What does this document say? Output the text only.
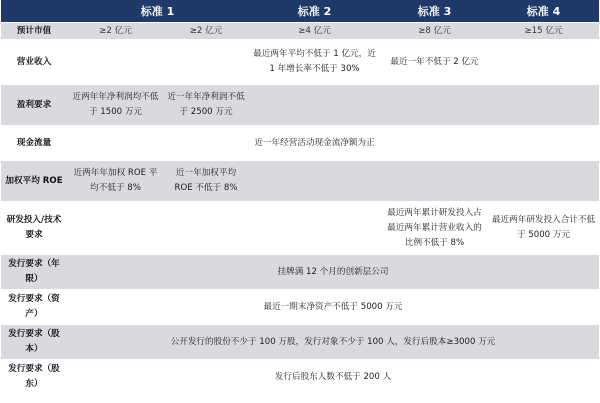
	标准 1		标准 2	标准 3	标准 4
预计市值	≥2 亿元	≥2 亿元	≥4 亿元	≥8 亿元	≥15 亿元
营业收入			最近两年平均不低于 1 亿元，近 1 年增长率不低于 30%	最近一年不低于 2 亿元	
盈利要求	近两年年净利润均不低于 1500 万元	近一年年净利润不低于 2500 万元			
现金流量			近一年经营活动现金流净额为正		
加权平均 ROE	近两年年加权 ROE 平均不低于 8%	近一年加权平均 ROE 不低于 8%			
研发投入/技术要求				最近两年累计研发投入占最近两年累计营业收入的比例不低于 8%	最近两年研发投入合计不低于 5000 万元
发行要求（年限）	挂牌满 12 个月的创新层公司				
发行要求（资产）	最近一期末净资产不低于 5000 万元				
发行要求（股本）	公开发行的股份不少于 100 万股，发行对象不少于 100 人，发行后股本≥3000 万元				
发行要求（股东）	发行后股东人数不低于 200 人				
